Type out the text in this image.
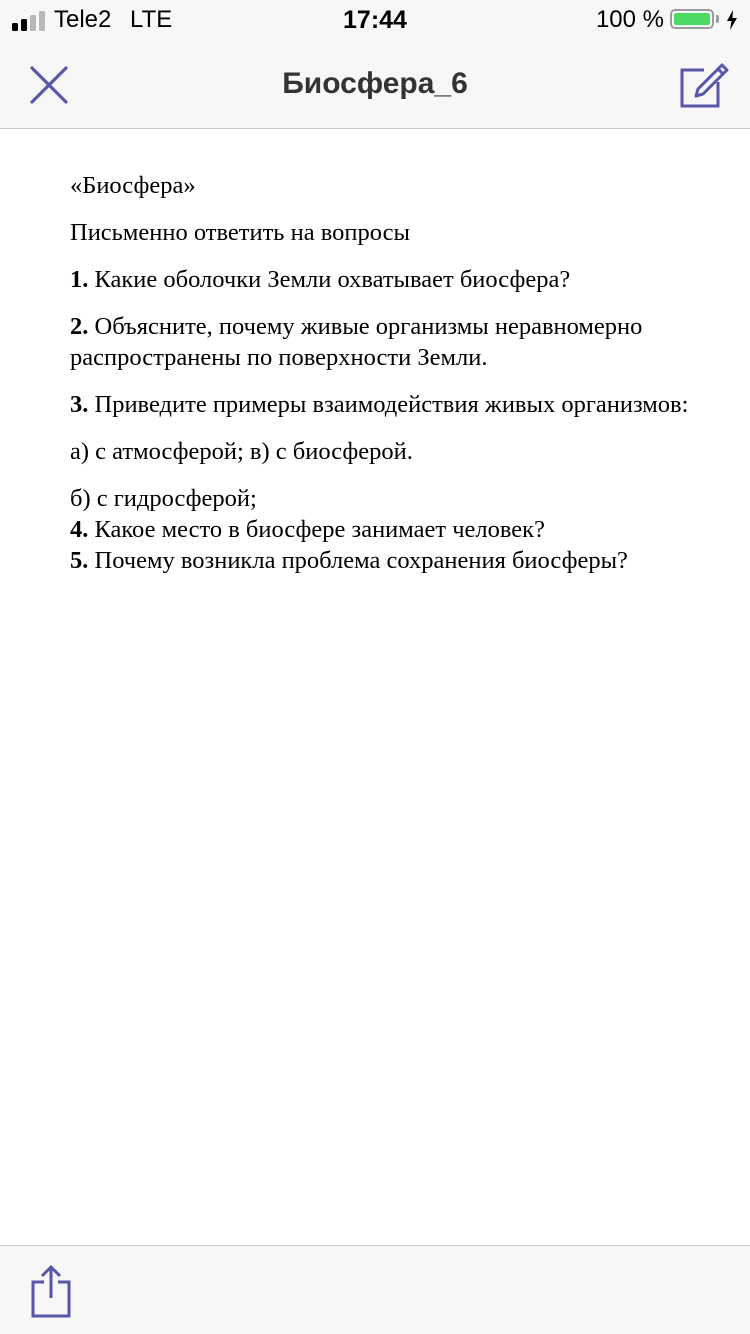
Tele2 LTE	17:44	100 %
Биосфера_6

«Биосфера»

Письменно ответить на вопросы

1. Какие оболочки Земли охватывает биосфера?

2. Объясните, почему живые организмы неравномерно распространены по поверхности Земли.

3. Приведите примеры взаимодействия живых организмов:

а) с атмосферой; в) с биосферой.

б) с гидросферой;

4. Какое место в биосфере занимает человек?

5. Почему возникла проблема сохранения биосферы?
